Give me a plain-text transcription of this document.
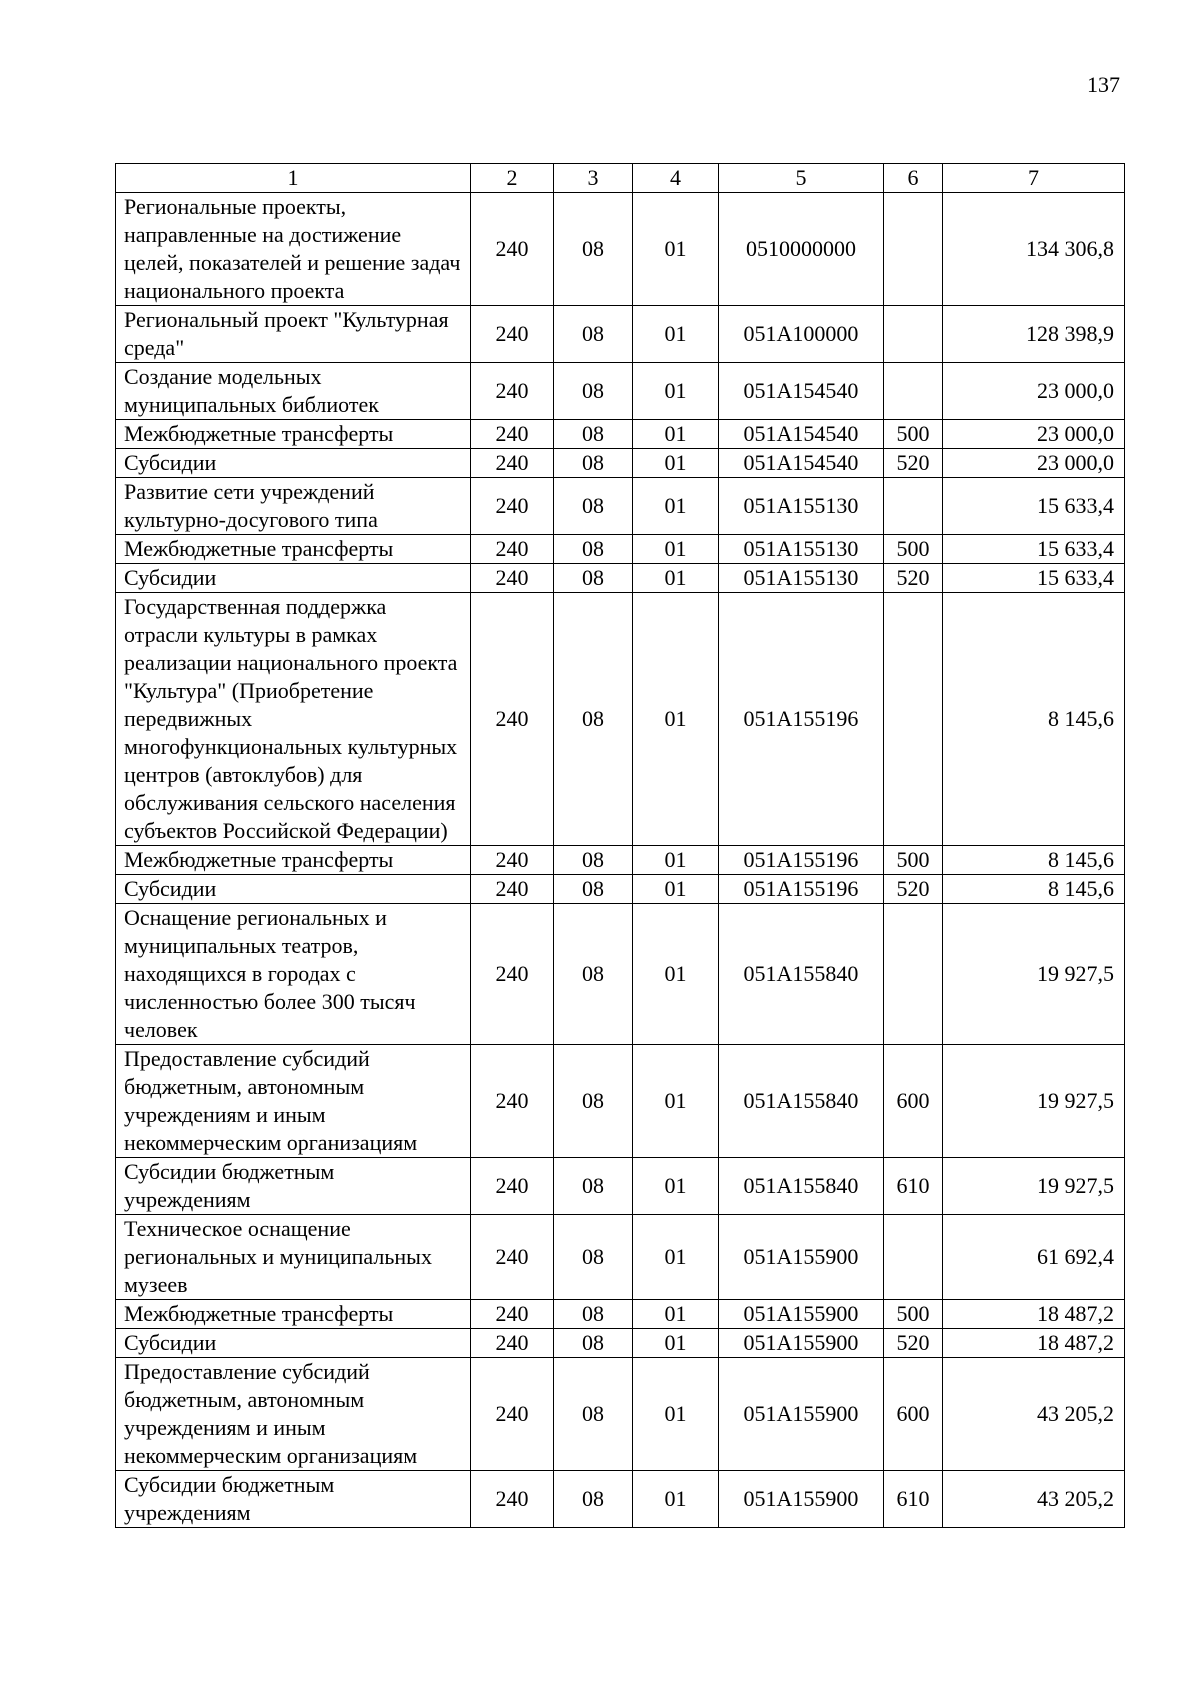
137
1	2	3	4	5	6	7
Региональные проекты, направленные на достижение целей, показателей и решение задач национального проекта	240	08	01	0510000000		134 306,8
Региональный проект "Культурная среда"	240	08	01	051A100000		128 398,9
Создание модельных муниципальных библиотек	240	08	01	051A154540		23 000,0
Межбюджетные трансферты	240	08	01	051A154540	500	23 000,0
Субсидии	240	08	01	051A154540	520	23 000,0
Развитие сети учреждений культурно-досугового типа	240	08	01	051A155130		15 633,4
Межбюджетные трансферты	240	08	01	051A155130	500	15 633,4
Субсидии	240	08	01	051A155130	520	15 633,4
Государственная поддержка отрасли культуры в рамках реализации национального проекта "Культура" (Приобретение передвижных многофункциональных культурных центров (автоклубов) для обслуживания сельского населения субъектов Российской Федерации)	240	08	01	051A155196		8 145,6
Межбюджетные трансферты	240	08	01	051A155196	500	8 145,6
Субсидии	240	08	01	051A155196	520	8 145,6
Оснащение региональных и муниципальных театров, находящихся в городах с численностью более 300 тысяч человек	240	08	01	051A155840		19 927,5
Предоставление субсидий бюджетным, автономным учреждениям и иным некоммерческим организациям	240	08	01	051A155840	600	19 927,5
Субсидии бюджетным учреждениям	240	08	01	051A155840	610	19 927,5
Техническое оснащение региональных и муниципальных музеев	240	08	01	051A155900		61 692,4
Межбюджетные трансферты	240	08	01	051A155900	500	18 487,2
Субсидии	240	08	01	051A155900	520	18 487,2
Предоставление субсидий бюджетным, автономным учреждениям и иным некоммерческим организациям	240	08	01	051A155900	600	43 205,2
Субсидии бюджетным учреждениям	240	08	01	051A155900	610	43 205,2
